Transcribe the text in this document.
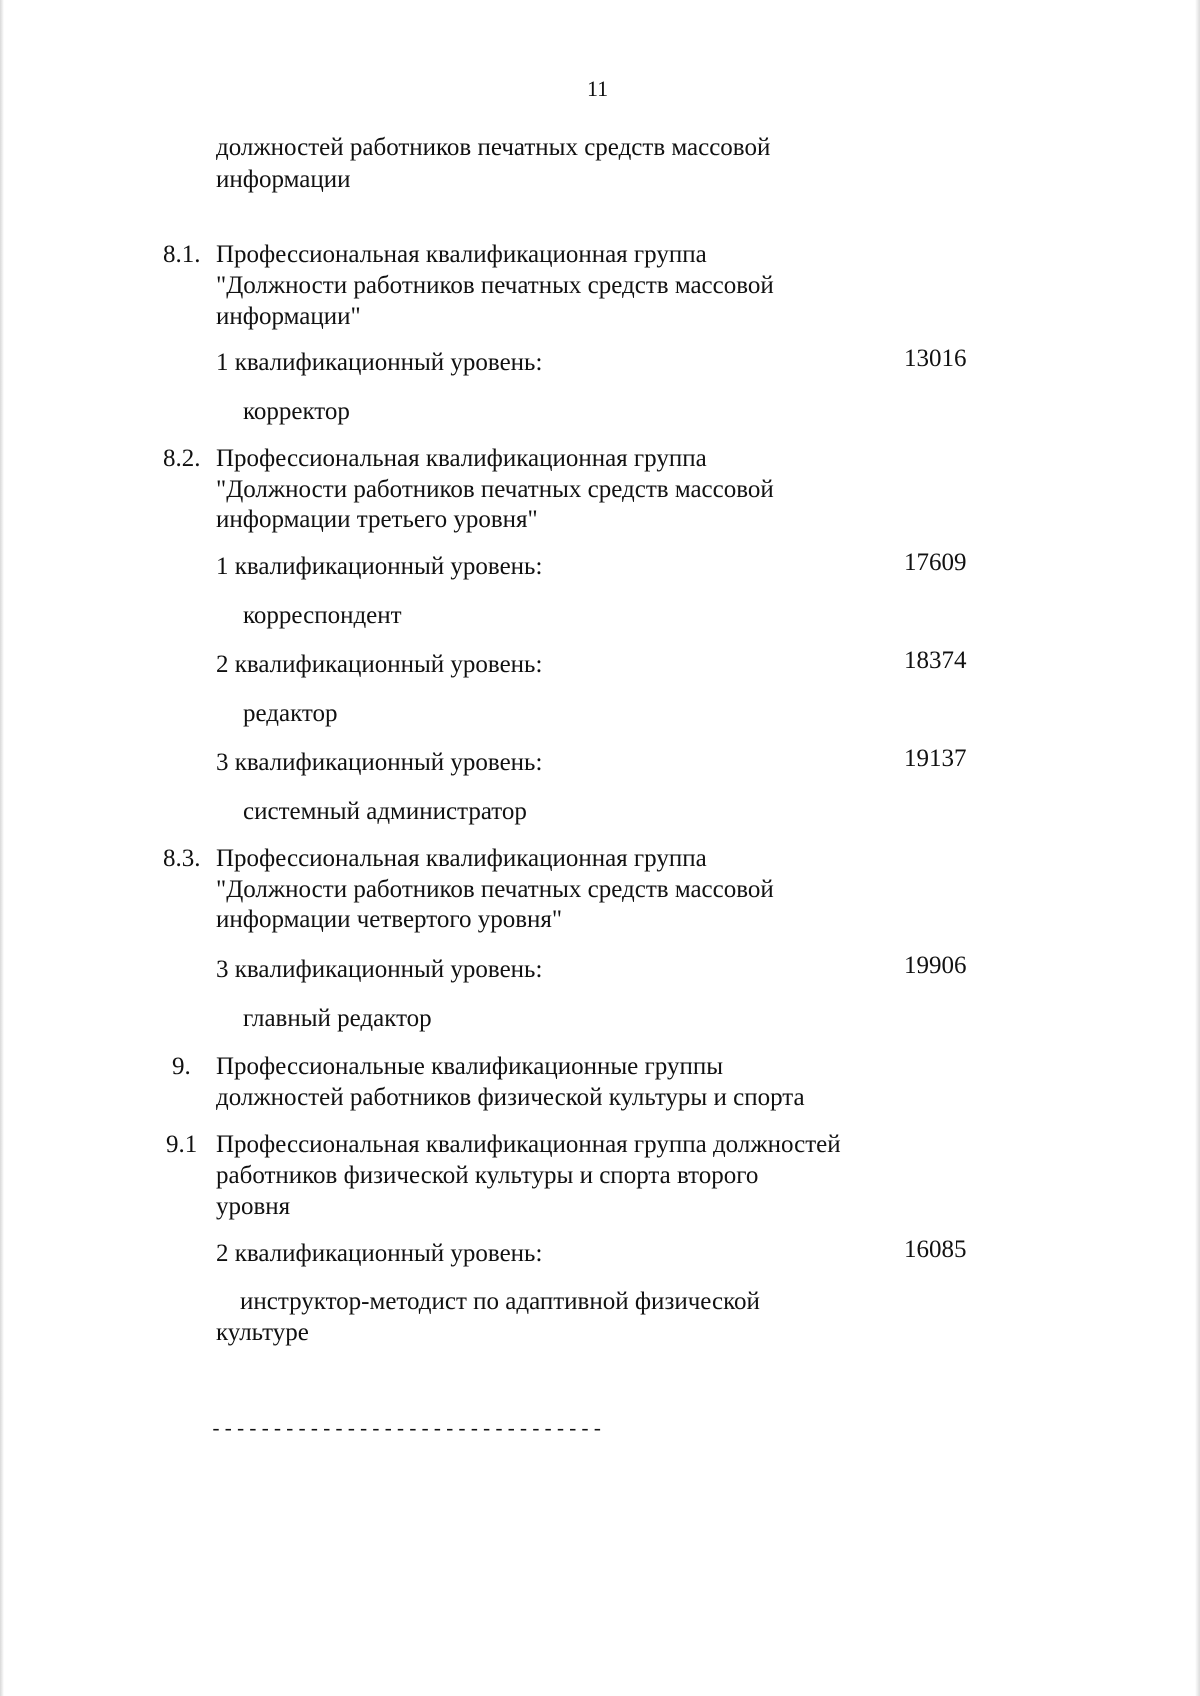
11
должностей работников печатных средств массовой
информации
8.1. Профессиональная квалификационная группа
"Должности работников печатных средств массовой
информации"
1 квалификационный уровень:	13016
корректор
8.2. Профессиональная квалификационная группа
"Должности работников печатных средств массовой
информации третьего уровня"
1 квалификационный уровень:	17609
корреспондент
2 квалификационный уровень:	18374
редактор
3 квалификационный уровень:	19137
системный администратор
8.3. Профессиональная квалификационная группа
"Должности работников печатных средств массовой
информации четвертого уровня"
3 квалификационный уровень:	19906
главный редактор
9. Профессиональные квалификационные группы
должностей работников физической культуры и спорта
9.1 Профессиональная квалификационная группа должностей
работников физической культуры и спорта второго
уровня
2 квалификационный уровень:	16085
инструктор-методист по адаптивной физической
культуре
--------------------------------
